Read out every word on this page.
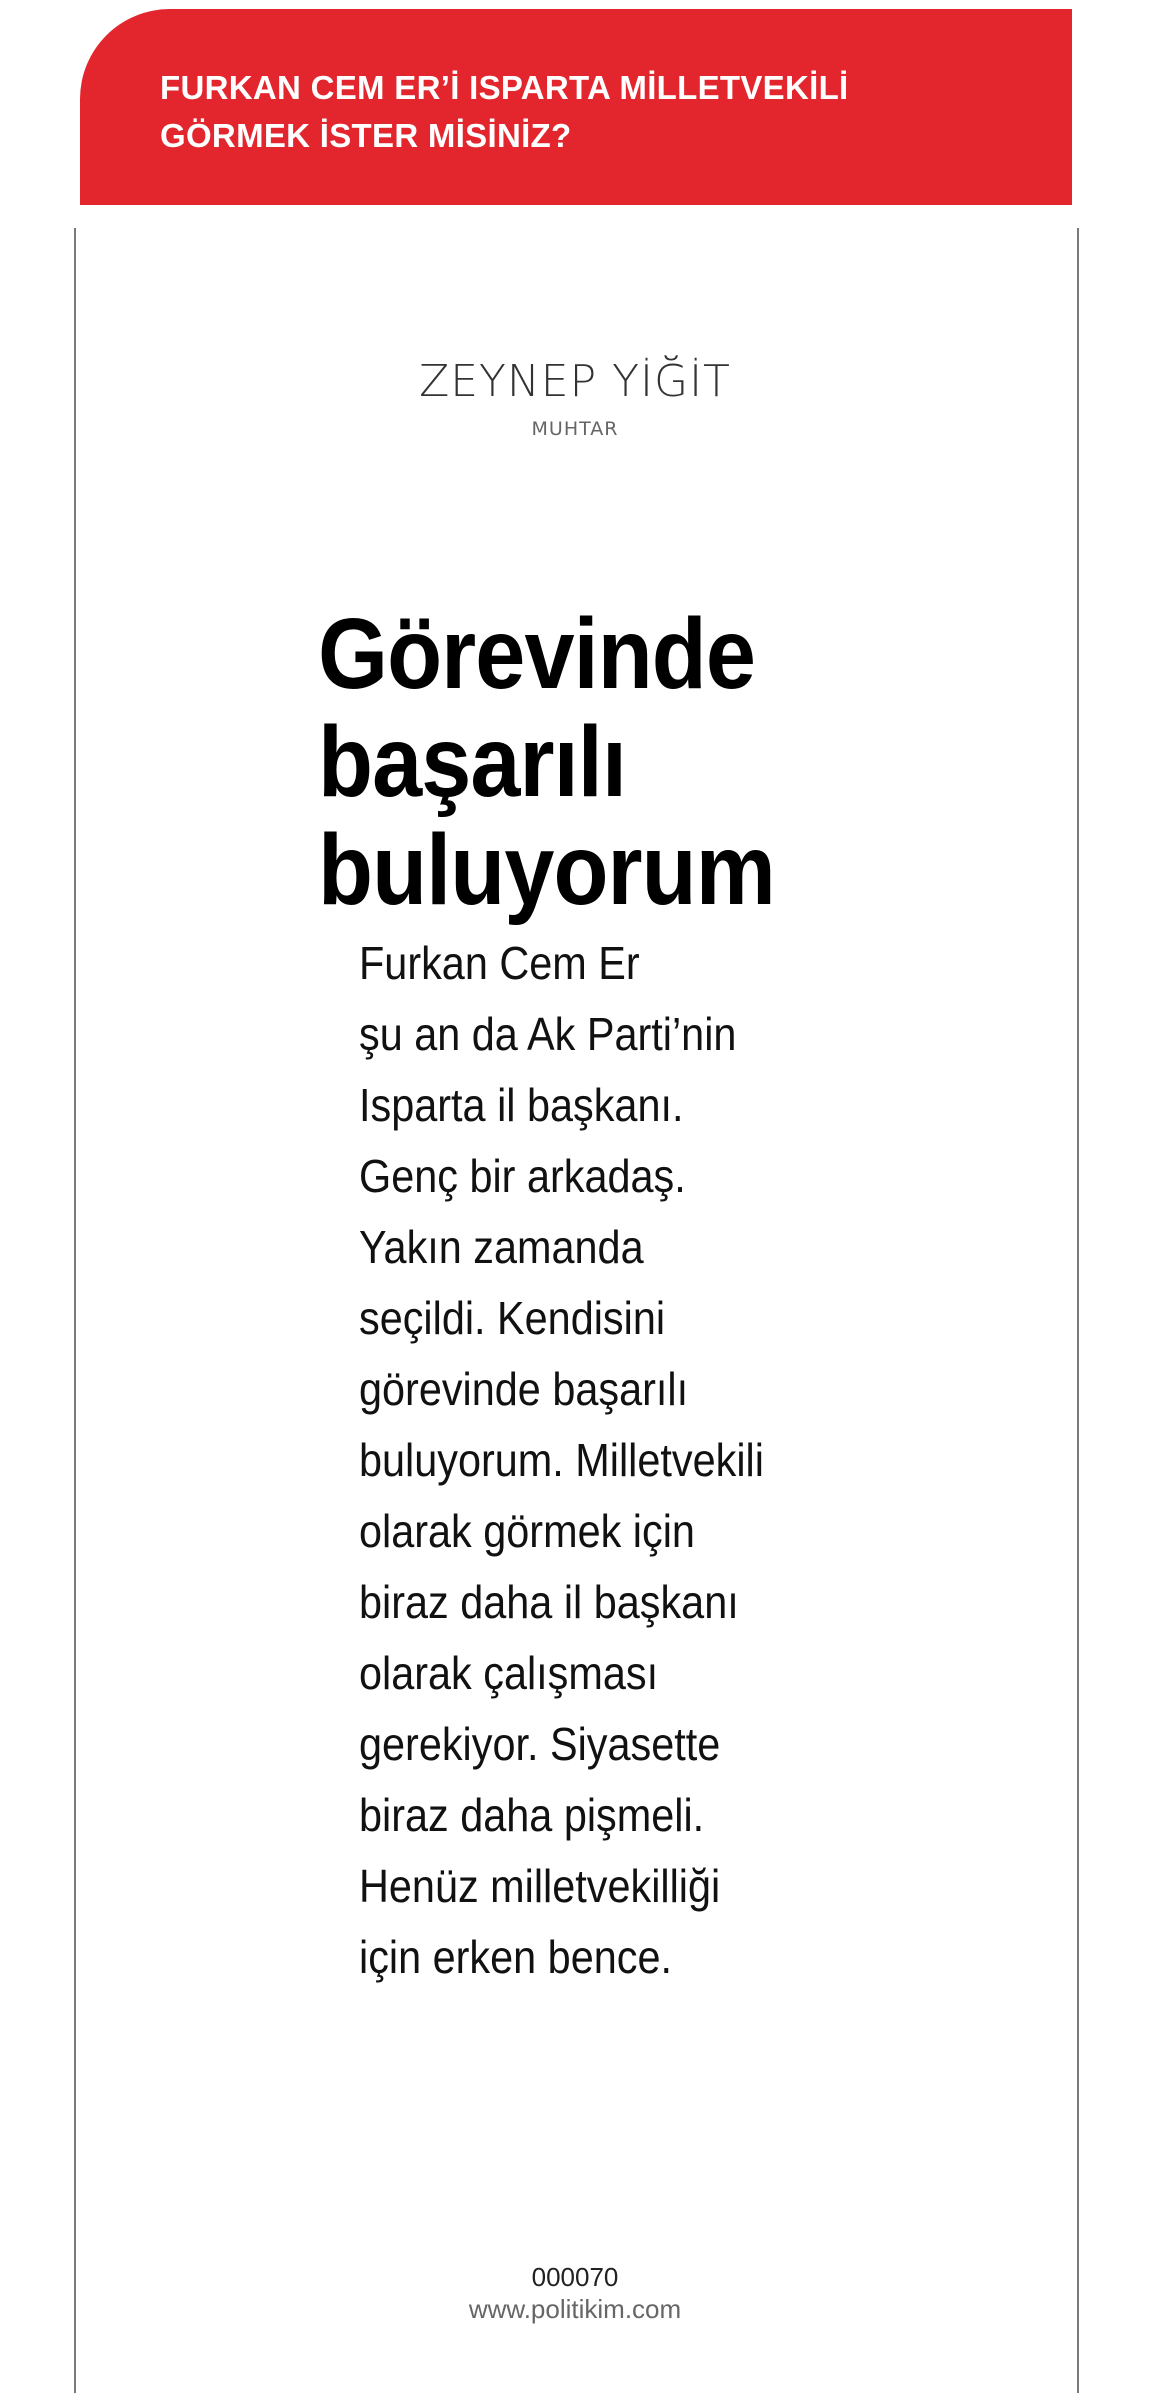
FURKAN CEM ER’İ ISPARTA MİLLETVEKİLİ
GÖRMEK İSTER MİSİNİZ?
ZEYNEP YİĞİT
MUHTAR
Görevinde
başarılı
buluyorum
Furkan Cem Er
şu an da Ak Parti’nin
Isparta il başkanı.
Genç bir arkadaş.
Yakın zamanda
seçildi. Kendisini
görevinde başarılı
buluyorum. Milletvekili
olarak görmek için
biraz daha il başkanı
olarak çalışması
gerekiyor. Siyasette
biraz daha pişmeli.
Henüz milletvekilliği
için erken bence.
000070
www.politikim.com
